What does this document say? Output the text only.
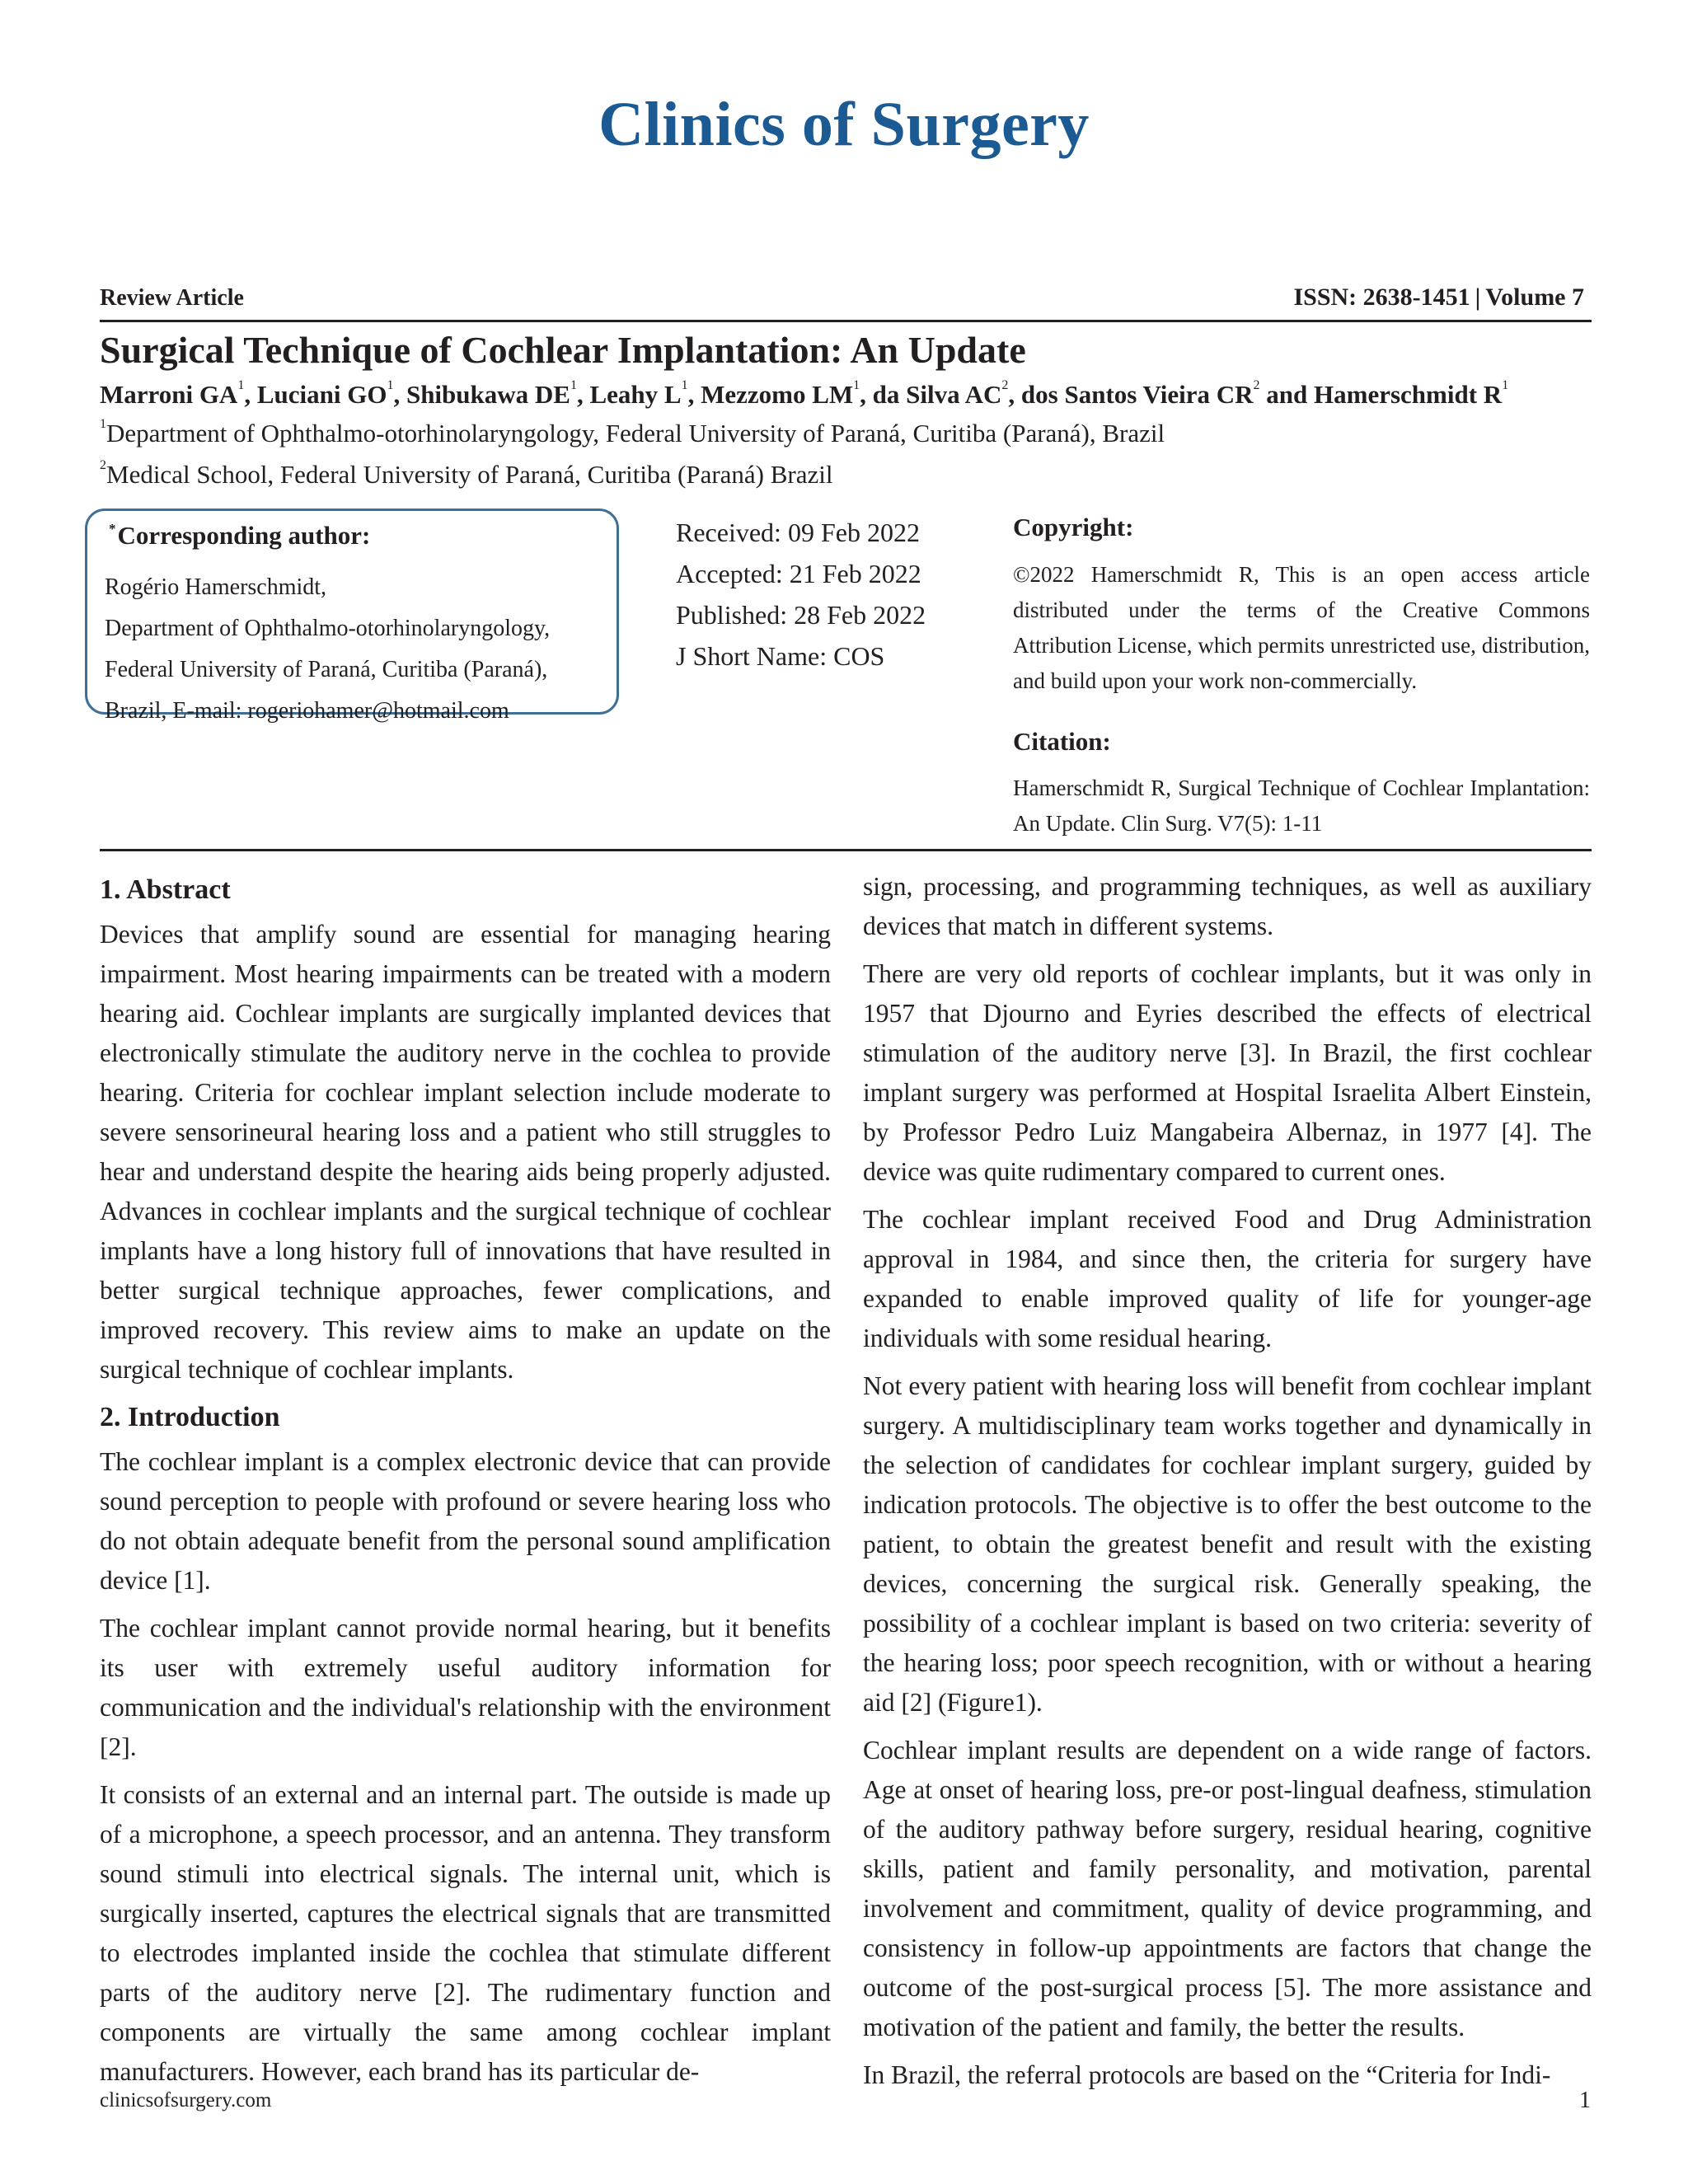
Clinics of Surgery
Review Article	ISSN: 2638-1451 | Volume 7
Surgical Technique of Cochlear Implantation: An Update
Marroni $GA^1$, Luciani $GO^1$, Shibukawa $DE^1$, Leahy $L^1$, Mezzomo $LM^1$, da Silva $AC^2$, dos Santos Vieira $CR^2$ and Hamerschmidt $R^1$
$^1$Department of Ophthalmo-otorhinolaryngology, Federal University of Paraná, Curitiba (Paraná), Brazil
$^2$Medical School, Federal University of Paraná, Curitiba (Paraná) Brazil
*Corresponding author:
Rogério Hamerschmidt,
Department of Ophthalmo-otorhinolaryngology,
Federal University of Paraná, Curitiba (Paraná),
Brazil, E-mail: rogeriohamer@hotmail.com
Received: 09 Feb 2022
Accepted: 21 Feb 2022
Published: 28 Feb 2022
J Short Name: COS
Copyright:
©2022 Hamerschmidt R, This is an open access article distributed under the terms of the Creative Commons Attribution License, which permits unrestricted use, distribution, and build upon your work non-commercially.
Citation:
Hamerschmidt R, Surgical Technique of Cochlear Implantation: An Update. Clin Surg. V7(5): 1-11
1. Abstract

Devices that amplify sound are essential for managing hearing impairment. Most hearing impairments can be treated with a modern hearing aid. Cochlear implants are surgically implanted devices that electronically stimulate the auditory nerve in the cochlea to provide hearing. Criteria for cochlear implant selection include moderate to severe sensorineural hearing loss and a patient who still struggles to hear and understand despite the hearing aids being properly adjusted. Advances in cochlear implants and the surgical technique of cochlear implants have a long history full of innovations that have resulted in better surgical technique approaches, fewer complications, and improved recovery. This review aims to make an update on the surgical technique of cochlear implants.

2. Introduction

The cochlear implant is a complex electronic device that can provide sound perception to people with profound or severe hearing loss who do not obtain adequate benefit from the personal sound amplification device [1].

The cochlear implant cannot provide normal hearing, but it benefits its user with extremely useful auditory information for communication and the individual's relationship with the environment [2].

It consists of an external and an internal part. The outside is made up of a microphone, a speech processor, and an antenna. They transform sound stimuli into electrical signals. The internal unit, which is surgically inserted, captures the electrical signals that are transmitted to electrodes implanted inside the cochlea that stimulate different parts of the auditory nerve [2]. The rudimentary function and components are virtually the same among cochlear implant manufacturers. However, each brand has its particular de-

sign, processing, and programming techniques, as well as auxiliary devices that match in different systems.

There are very old reports of cochlear implants, but it was only in 1957 that Djourno and Eyries described the effects of electrical stimulation of the auditory nerve [3]. In Brazil, the first cochlear implant surgery was performed at Hospital Israelita Albert Einstein, by Professor Pedro Luiz Mangabeira Albernaz, in 1977 [4]. The device was quite rudimentary compared to current ones.

The cochlear implant received Food and Drug Administration approval in 1984, and since then, the criteria for surgery have expanded to enable improved quality of life for younger-age individuals with some residual hearing.

Not every patient with hearing loss will benefit from cochlear implant surgery. A multidisciplinary team works together and dynamically in the selection of candidates for cochlear implant surgery, guided by indication protocols. The objective is to offer the best outcome to the patient, to obtain the greatest benefit and result with the existing devices, concerning the surgical risk. Generally speaking, the possibility of a cochlear implant is based on two criteria: severity of the hearing loss; poor speech recognition, with or without a hearing aid [2] (Figure1).

Cochlear implant results are dependent on a wide range of factors. Age at onset of hearing loss, pre-or post-lingual deafness, stimulation of the auditory pathway before surgery, residual hearing, cognitive skills, patient and family personality, and motivation, parental involvement and commitment, quality of device programming, and consistency in follow-up appointments are factors that change the outcome of the post-surgical process [5]. The more assistance and motivation of the patient and family, the better the results.

In Brazil, the referral protocols are based on the “Criteria for Indi-

clinicsofsurgery.com	1
